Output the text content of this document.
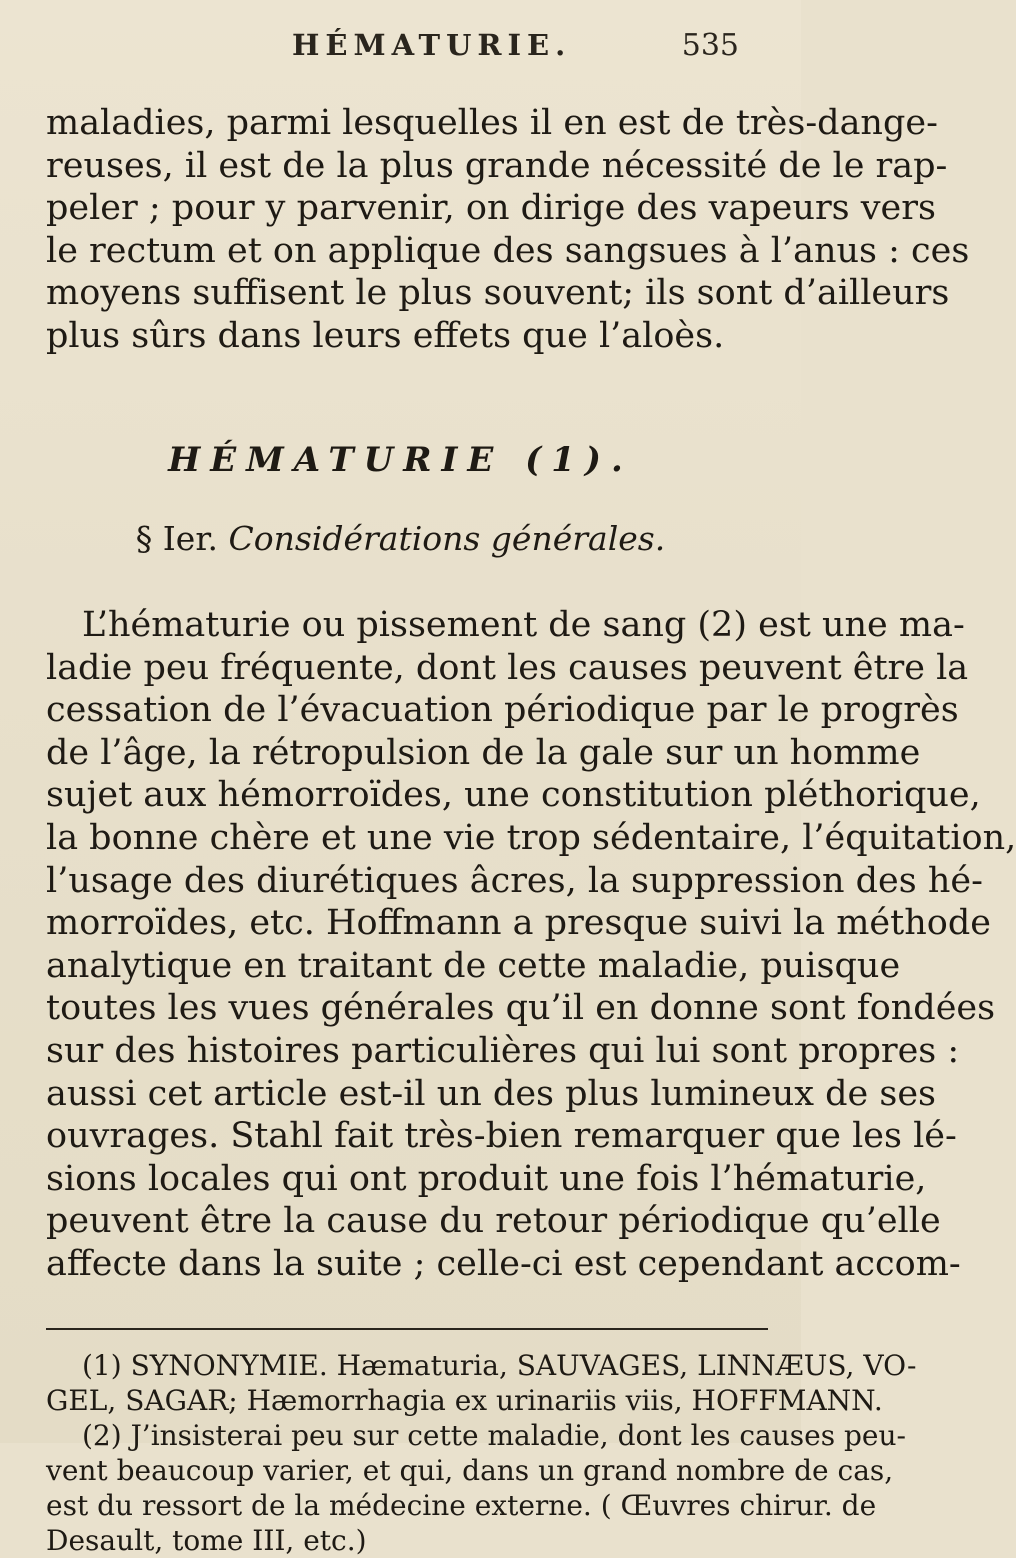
HÉMATURIE.	535
maladies, parmi lesquelles il en est de très-dange-
reuses, il est de la plus grande nécessité de le rap-
peler ; pour y parvenir, on dirige des vapeurs vers
le rectum et on applique des sangsues à l’anus : ces
moyens suffisent le plus souvent; ils sont d’ailleurs
plus sûrs dans leurs effets que l’aloès.
HÉMATURIE (1).
§ Ier. Considérations générales.
L’hématurie ou pissement de sang (2) est une ma-
ladie peu fréquente, dont les causes peuvent être la
cessation de l’évacuation périodique par le progrès
de l’âge, la rétropulsion de la gale sur un homme
sujet aux hémorroïdes, une constitution pléthorique,
la bonne chère et une vie trop sédentaire, l’équitation,
l’usage des diurétiques âcres, la suppression des hé-
morroïdes, etc. Hoffmann a presque suivi la méthode
analytique en traitant de cette maladie, puisque
toutes les vues générales qu’il en donne sont fondées
sur des histoires particulières qui lui sont propres :
aussi cet article est-il un des plus lumineux de ses
ouvrages. Stahl fait très-bien remarquer que les lé-
sions locales qui ont produit une fois l’hématurie,
peuvent être la cause du retour périodique qu’elle
affecte dans la suite ; celle-ci est cependant accom-
(1) SYNONYMIE. Hæmaturia, SAUVAGES, LINNÆUS, VO-
GEL, SAGAR; Hæmorrhagia ex urinariis viis, HOFFMANN.
(2) J’insisterai peu sur cette maladie, dont les causes peu-
vent beaucoup varier, et qui, dans un grand nombre de cas,
est du ressort de la médecine externe. ( Œuvres chirur. de
Desault, tome III, etc.)
